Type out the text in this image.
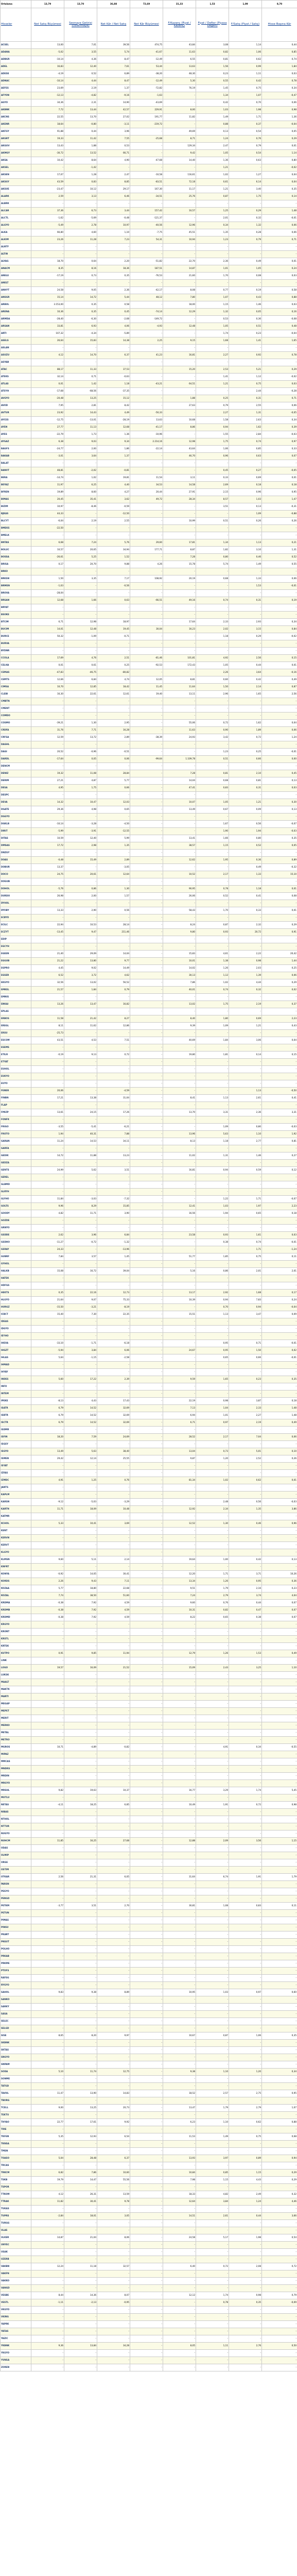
Ortalama	13,79	13,70	36,88	72,69	31,33	1,53	1,09	8,70
Hisseler	Net Satış Büyümesi	Sermaye Getirisi (Özsermaye)	Net Kâr / Net Satış	Net Kâr Büyümesi	F/Kazanç (Fiyat / Kazanç)	Fiyat / Defter (Piyasa Değeri)	F/Satış (Fiyat / Satış)	Hisse Başına Kâr
ACSEL	13,00	7,01	39,56	474,75	43,84	3,08	1,14	0,44
ADANA	-5,02	3,55	5,74	-41,67	11,63	0,82	1,06	0,85
ADBGR	-10,14	4,36	8,47	-12,49	6,55	0,81	0,62	0,74
ADEL	16,83	12,40	7,61	53,44	13,63	1,56	0,99	1,84
ADESE	-4,19	0,52	6,89	-38,20	48,30	0,23	1,11	0,03
ADNAC	-10,14	4,44	8,47	-12,49	5,30	0,55	0,42	0,78
AEFES	23,69	2,19	1,37	-72,82	76,19	1,45	0,75	0,34
AFYON	-12,13	-4,82	-9,16	-1,63	-	1,34	1,07	-0,47
AGYO	34,36	2,31	14,90	-43,69	-	0,42	0,70	0,06
AKBNK	7,72	13,44	42,57	229,91	8,00	1,03	1,98	0,98
AKCNS	22,55	13,70	27,02	191,77	11,82	1,49	1,71	1,36
AKENR	18,64	-0,80	-3,11	-219,72	-	0,88	0,37	-0,04
AKFGY	91,88	0,44	3,96	-	49,69	0,13	0,54	0,05
AKGRT	19,33	11,42	7,55	-25,68	8,71	1,24	0,76	0,29
AKGUV	13,43	1,88	0,53	-	129,34	2,47	0,79	0,01
AKMGY	-30,72	13,52	66,71	-	9,42	1,05	0,54	1,14
AKSA	10,42	8,64	4,90	-47,68	14,40	1,36	0,63	0,80
AKSEL	-	-1,42	-	-	-	1,21	-	-0,02
AKSEN	17,07	1,28	2,47	-10,58	116,61	1,02	1,27	0,04
AKSGY	43,59	0,83	8,85	-83,51	72,18	0,61	6,14	0,04
AKSUE	-23,47	10,12	29,17	167,30	11,17	1,21	3,40	0,35
ALARK	2,59	3,13	6,46	-34,51	25,76	0,87	1,75	0,14
ALBRK	-	-	-	-	-	-	-	-
ALCAR	37,36	6,73	3,44	157,42	10,57	1,25	0,29	1,48
ALCTL	-1,62	-5,69	-0,48	-121,37	-	2,01	0,32	-0,01
ALGYO	-5,49	2,78	10,97	-40,56	12,96	0,34	1,32	0,06
ALKA	66,80	4,60	1,10	-7,75	45,51	1,35	0,28	0,06
ALKIM	23,26	11,28	7,23	54,31	10,94	1,23	0,79	0,71
ALNTF	-	-	-	-	-	-	-	-
ALTIN	-	-	-	-	-	-	-	-
ALYAG	18,70	0,64	2,20	-51,82	22,70	2,36	0,49	0,01
ANACM	8,35	8,16	18,36	187,51	14,87	1,01	1,05	0,24
ANELE	-17,19	0,73	0,35	-76,53	21,60	1,70	0,08	0,03
ANELT	-	-	-	-	-	-	-	-
ANHYT	24,58	9,05	2,36	-42,17	8,08	0,77	0,19	0,58
ANSGR	15,14	14,72	5,44	48,12	7,80	1,07	0,43	0,88
ARBUL	3.153,00	0,35	0,58	-	18,00	1,15	1,46	0,03
ARENA	10,36	0,35	0,45	-74,14	12,29	1,32	0,05	0,16
ARMDA	-28,40	-6,30	-2,68	-149,72	-	0,53	0,36	-0,08
ARSAN	33,81	6,93	4,06	-4,93	12,48	1,05	0,51	0,48
ARTI	107,32	-4,34	-5,89	-	-	1,74	0,23	-0,04
ASELS	26,64	15,83	14,38	2,25	9,15	1,68	1,41	1,65
ASLAN	-	-	-	-	-	-	-	-
ASUZU	4,12	14,70	6,37	41,23	16,81	2,27	0,92	0,78
ASYAB	-	-	-	-	-	-	-	-
ATAC	88,17	11,33	37,53	-	15,20	2,53	5,21	0,29
ATEKS	32,14	0,71	-0,63	-	-	1,41	1,12	-0,02
ATLAS	0,01	1,42	1,18	-43,21	64,51	1,21	0,75	0,03
ATSYH	-17,68	-68,56	-37,35	-	-	-	2,44	-0,28
AVGYO	-20,48	13,25	15,12	-	1,88	0,25	0,31	0,71
AVOD	7,95	2,81	8,42	-	27,63	0,79	2,55	0,06
AVTUR	23,92	14,43	4,49	-50,33	-	2,27	1,31	-0,05
AYCES	-12,75	-13,01	-28,19	13,63	10,68	1,58	2,63	0,34
AYEN	27,77	11,13	12,68	-41,17	8,86	0,94	1,62	0,39
AYES	-22,79	1,73	1,36	-10,96	-	1,55	2,84	-0,03
AYGAZ	6,38	9,03	9,34	2.214,16	12,98	1,75	0,74	0,97
BAGFS	-24,77	2,00	1,86	-22,14	43,64	1,06	0,85	0,33
BAKAB	-3,01	3,64	1,37	-	46,70	0,96	0,63	0,07
BALAT	-	-	-	-	-	-	-	-
BANVT	48,81	-2,02	-0,81	-	-	0,45	0,27	-0,05
BERA	-14,74	1,02	19,81	11,54	3,11	0,33	0,69	0,01
BEYAZ	11,97	6,25	4,40	34,53	14,58	2,69	0,18	0,18
BFREN	19,89	8,60	4,27	20,44	27,91	2,15	0,96	0,95
BIMAS	20,45	35,41	3,62	49,72	28,34	8,57	1,03	1,47
BIZIM	10,97	-8,46	-0,59	-	-	3,51	0,13	-0,31
BJKAS	44,33	-	-12,50	-	-	-	1,09	-0,88
BLCYT	-6,04	2,19	2,55	-	10,99	0,51	0,26	0,26
BMEKS	-22,50	-	-	-	-	-	-	-
BMELK	-	-	-	-	-	-	-	-
BNTAS	6,68	7,24	5,76	29,60	17,81	1,34	1,13	0,21
BOLUC	10,57	20,65	34,94	177,71	8,87	1,82	3,10	1,31
BOSSA	-26,61	5,25	1,52	-	7,28	0,80	0,46	0,52
BRISA	0,17	20,70	9,88	4,26	15,78	5,74	1,49	0,55
BRKO	-	-	-	-	-	-	-	-
BRKSN	1,50	3,35	7,17	108,92	20,19	0,68	1,33	0,06
BRMEN	-1,03	-	-0,56	-	-	-	1,53	-0,01
BROVA	-28,04	-	-	-	-	-	-	-
BRSAN	12,68	1,66	0,63	-66,51	49,16	0,74	0,31	0,19
BRYAT	-	-	-	-	-	-	-	-
BSOKE	-	-	-	-	-	-	-	-
BTCIM	6,71	12,98	18,97	-	17,64	2,33	2,93	0,34
BUCIM	14,01	12,48	19,45	30,04	16,23	2,02	3,15	0,84
BURCE	50,32	-1,09	-0,71	-	-	1,18	0,29	-0,02
BURVA	-	-	-	-	-	-	-	-
BYDNR	-	-	-	-	-	-	-	-
CCOLA	17,69	4,76	2,51	-81,46	101,81	4,92	2,56	0,15
CELHA	0,01	0,61	0,25	-92,53	172,43	1,05	0,44	0,01
CEMAS	-47,83	-46,75	-80,82	-	-	2,26	3,64	-0,16
CEMTS	12,66	6,84	4,74	12,05	8,81	0,60	0,42	0,49
CIMSA	10,70	12,85	18,42	11,45	11,64	1,50	2,14	0,87
CLEBI	16,30	22,61	12,61	19,40	13,11	2,96	1,65	2,56
CMBTN	-	-	-	-	-	-	-	-
CMENT	-	-	-	-	-	-	-	-
COMDO	-	-	-	-	-	-	-	-
COSMO	-39,21	1,30	2,95	-	55,06	0,72	1,62	0,04
CRDFA	31,76	7,71	16,28	-	11,63	0,90	1,89	0,06
CRFSA	12,59	13,72	2,89	-38,39	24,93	3,42	0,72	1,24
DAGHL	-	-	-	-	-	-	-	-
DAGI	20,52	-0,96	-0,51	-	-	1,23	0,25	-0,01
DARDL	-17,64	0,05	0,06	-99,64	1.109,78	0,51	0,66	0,00
DENCM	-	-	-	-	-	-	-	-
DENIZ	19,32	11,08	28,84	-	7,28	0,81	2,10	0,45
DERIM	27,21	4,87	5,77	-	14,04	0,68	0,81	0,13
DESA	4,95	1,75	0,66	-	47,41	0,83	0,31	0,03
DESPC	-	-	-	-	-	-	-	-
DEVA	14,32	10,47	12,03	-	10,07	1,05	1,21	0,30
DGATE	29,36	4,98	0,65	-	13,49	0,67	0,09	0,13
DGGYO	-	-	-	-	-	-	-	-
DGKLB	-10,14	-3,28	-4,50	-	-	1,67	0,56	-0,07
DIRIT	-5,99	-3,91	-12,55	-	-	1,90	1,94	-0,03
DITAS	10,59	12,40	5,99	-	13,41	1,66	0,80	0,35
DMSAS	17,72	2,98	1,35	-	38,57	1,15	0,52	0,05
DNZGY	-	-	-	-	-	-	-	-
DOAS	-0,48	15,49	2,89	-	12,62	1,95	0,36	0,89
DOBUR	13,37	-	-3,05	-	-	-	0,49	-0,32
DOCO	24,75	20,61	12,64	-	10,52	2,17	1,33	15,10
DOGUB	-	-	-	-	-	-	-	-
DOHOL	-5,76	0,86	1,30	-	90,95	0,78	1,18	0,01
DURDO	26,98	2,00	1,57	-	26,06	0,52	0,41	0,08
DYHOL	-	-	-	-	-	-	-	-
DYOBY	13,33	2,90	0,56	-	58,43	1,70	0,33	0,01
ECBYO	-	-	-	-	-	-	-	-
ECILC	22,94	10,53	28,14	-	8,24	0,87	2,32	0,29
ECZYT	-13,45	9,47	211,46	-	9,80	0,93	20,72	0,91
EDIP	-	-	-	-	-	-	-	-
EGCYH	-	-	-	-	-	-	-	-
EGEEN	21,40	29,09	14,04	-	15,83	4,61	2,22	20,42
EGGUB	21,22	13,80	9,77	-	10,01	1,38	0,98	1,44
EGPRO	4,45	9,02	14,49	-	14,02	1,26	2,03	0,25
EGSER	6,52	3,72	4,62	-	30,13	1,12	1,39	0,06
EKGYO	32,56	13,02	56,52	-	7,86	1,02	4,44	0,29
EMKEL	21,57	1,84	0,79	-	40,01	0,74	0,32	0,02
EMNIS	-	-	-	-	-	-	-	-
ENKAI	13,26	13,47	16,82	-	13,02	1,75	2,19	0,37
EPLAS	-	-	-	-	-	-	-	-
ERBOS	11,58	21,42	8,27	-	8,40	1,80	0,69	2,23
EREGL	8,11	11,62	12,86	-	9,39	1,09	1,21	0,43
ERSU	-25,73	-	-	-	-	-	-	-
ESCOM	43,51	4,53	7,51	-	40,69	1,84	3,06	0,04
ESEMS	-	-	-	-	-	-	-	-
ETILR	-0,19	9,13	0,72	-	19,80	1,81	0,14	0,15
ETYAT	-	-	-	-	-	-	-	-
EUHOL	-	-	-	-	-	-	-	-
EUKYO	-	-	-	-	-	-	-	-
EUYO	-	-	-	-	-	-	-	-
FENER	20,06	-	-4,59	-	-	-	1,13	-0,50
FINBN	17,21	13,38	31,04	-	8,41	1,13	2,61	0,41
FLAP	-	-	-	-	-	-	-	-
FMIZP	13,61	24,15	17,26	-	13,70	3,31	2,36	3,31
FONFK	-	-	-	-	-	-	-	-
FRIGO	-3,55	-5,41	-6,21	-	-	1,09	0,80	-0,03
FROTO	1,94	40,31	7,88	-	13,96	5,63	1,10	1,92
GARAN	11,24	14,53	34,11	-	8,13	1,18	2,77	0,81
GARFA	-	-	-	-	-	-	-	-
GEDIK	14,72	11,88	13,23	-	11,02	1,31	1,46	0,27
GEDZA	-	-	-	-	-	-	-	-
GENTS	24,99	5,62	3,51	-	16,81	0,94	0,59	0,12
GEREL	-	-	-	-	-	-	-	-
GLBMD	-	-	-	-	-	-	-	-
GLRYH	-	-	-	-	-	-	-	-
GLYHO	11,84	-3,03	-7,32	-	-	1,22	1,71	-0,07
GOLTS	9,96	8,29	15,85	-	12,41	1,03	1,97	2,23
GOODY	4,82	11,71	3,90	-	16,56	1,94	0,65	0,18
GOZDE	-	-	-	-	-	-	-	-
GRNYO	-	-	-	-	-	-	-	-
GSDDE	2,62	3,96	6,84	-	23,58	0,93	1,61	0,03
GSDHO	-11,27	-0,72	-1,32	-	-	0,38	0,74	-0,01
GSRAY	24,33	-	-13,96	-	-	-	1,71	-1,24
GUBRF	7,84	3,57	1,45	-	51,77	1,85	0,75	0,11
GYHOL	-	-	-	-	-	-	-	-
HALKB	15,08	16,72	39,04	-	5,16	0,86	2,01	2,01
HATEK	-	-	-	-	-	-	-	-
HDFGS	-	-	-	-	-	-	-	-
HEKTS	0,35	22,16	12,73	-	13,17	2,92	1,68	0,17
HLGYO	21,64	9,07	75,33	-	10,39	0,94	7,83	0,24
HURGZ	-15,50	-3,21	-8,19	-	-	0,70	0,94	-0,04
ICBCT	15,40	7,30	22,35	-	15,51	1,13	3,47	0,09
IDEAS	-	-	-	-	-	-	-	-
IDGYO	-	-	-	-	-	-	-	-
IEYHO	-	-	-	-	-	-	-	-
IHEVA	-33,10	-1,71	-6,18	-	-	0,95	0,71	-0,01
IHGZT	-5,94	3,84	6,06	-	24,67	0,95	1,50	0,02
IHLAS	5,64	-1,15	-2,58	-	-	0,65	0,66	-0,01
IHMAD	-	-	-	-	-	-	-	-
IHYAY	-	-	-	-	-	-	-	-
INDES	5,60	17,22	2,39	-	9,59	1,65	0,23	0,35
INFO	-	-	-	-	-	-	-	-
INTEM	-	-	-	-	-	-	-	-
IPEKE	-8,13	4,43	17,43	-	22,19	0,98	3,87	0,18
ISATR	6,79	14,52	32,69	-	7,13	1,04	2,33	1,48
ISBTR	6,79	14,52	32,69	-	6,94	1,01	2,27	1,48
ISCTR	6,79	14,52	32,69	-	6,71	0,97	2,19	0,49
ISDMR	-	-	-	-	-	-	-	-
ISFIN	18,20	7,59	24,69	-	28,52	2,17	7,04	0,06
ISGSY	-	-	-	-	-	-	-	-
ISGYO	13,49	5,63	38,40	-	13,04	0,73	5,01	0,10
ISMEN	29,42	12,14	25,55	-	9,87	1,20	2,52	0,26
ISYAT	-	-	-	-	-	-	-	-
IZFAS	-	-	-	-	-	-	-	-
IZMDC	4,91	1,25	0,76	-	81,34	1,02	0,62	0,01
JANTS	-	-	-	-	-	-	-	-
KAPLM	-	-	-	-	-	-	-	-
KARSN	-9,12	-5,03	-3,29	-	-	2,48	0,56	-0,03
KARTN	11,71	18,09	10,48	-	12,92	2,34	1,35	3,86
KATMR	-	-	-	-	-	-	-	-
KCHOL	5,33	10,41	3,69	-	12,52	1,30	0,46	0,96
KENT	-	-	-	-	-	-	-	-
KERVN	-	-	-	-	-	-	-	-
KERVT	-	-	-	-	-	-	-	-
KLGYO	-	-	-	-	-	-	-	-
KLMSN	9,60	5,11	2,14	-	19,64	1,00	0,42	0,13
KNFRT	-	-	-	-	-	-	-	-
KONYA	-0,92	14,05	30,41	-	12,20	1,71	3,71	10,26
KORDS	2,26	9,43	7,11	-	13,34	1,26	0,95	0,36
KOZAA	5,77	18,80	22,68	-	9,51	1,79	2,16	0,23
KOZAL	7,74	38,50	51,60	-	7,24	2,79	3,74	4,04
KRDMA	-0,38	7,92	4,59	-	9,60	0,76	0,44	0,07
KRDMB	-0,38	7,92	4,59	-	10,31	0,82	0,47	0,07
KRDMD	-0,38	7,92	4,59	-	8,22	0,65	0,38	0,07
KRGYO	-	-	-	-	-	-	-	-
KRONT	-	-	-	-	-	-	-	-
KRSTL	-	-	-	-	-	-	-	-
KRTEK	-	-	-	-	-	-	-	-
KUTPO	0,91	9,85	11,94	-	12,79	1,26	1,53	0,49
LINK	-	-	-	-	-	-	-	-
LOGO	19,57	16,09	21,52	-	15,09	2,43	3,25	1,10
LUKSK	-	-	-	-	-	-	-	-
MAALT	-	-	-	-	-	-	-	-
MAKTK	-	-	-	-	-	-	-	-
MARTI	-	-	-	-	-	-	-	-
MEGAP	-	-	-	-	-	-	-	-
MEPET	-	-	-	-	-	-	-	-
MERIT	-	-	-	-	-	-	-	-
MERKO	-	-	-	-	-	-	-	-
METAL	-	-	-	-	-	-	-	-
METRO	-	-	-	-	-	-	-	-
MGROS	10,71	-4,89	-0,82	-	-	4,91	0,34	-0,55
MIPAZ	-	-	-	-	-	-	-	-
MMCAS	-	-	-	-	-	-	-	-
MNDRS	-	-	-	-	-	-	-	-
MRDIN	-	-	-	-	-	-	-	-
MRGYO	-	-	-	-	-	-	-	-
MRSHL	9,82	19,63	10,37	-	16,77	3,29	1,74	5,45
MUTLU	-	-	-	-	-	-	-	-
NETAS	-4,11	18,25	6,85	-	10,49	1,91	0,72	0,98
NIBAS	-	-	-	-	-	-	-	-
NTHOL	-	-	-	-	-	-	-	-
NTTUR	-	-	-	-	-	-	-	-
NUGYO	-	-	-	-	-	-	-	-
NUHCM	11,85	16,25	27,68	-	12,88	2,09	3,56	1,15
ODAS	-	-	-	-	-	-	-	-
OLMIP	-	-	-	-	-	-	-	-
ORGE	-	-	-	-	-	-	-	-
OSTIM	-	-	-	-	-	-	-	-
OTKAR	2,56	21,31	6,05	-	31,64	6,74	1,91	1,79
PARSN	-	-	-	-	-	-	-	-
PEGYO	-	-	-	-	-	-	-	-
PENGD	-	-	-	-	-	-	-	-
PETKM	-3,77	3,51	2,70	-	30,81	1,08	0,83	0,11
PETUN	-	-	-	-	-	-	-	-
PIMAS	-	-	-	-	-	-	-	-
PINSU	-	-	-	-	-	-	-	-
PKART	-	-	-	-	-	-	-	-
PNSUT	-	-	-	-	-	-	-	-
POLHO	-	-	-	-	-	-	-	-
PRKAB	-	-	-	-	-	-	-	-
PRKME	-	-	-	-	-	-	-	-
PTOFS	-	-	-	-	-	-	-	-
RAYSG	-	-	-	-	-	-	-	-
RYGYO	-	-	-	-	-	-	-	-
SAHOL	9,83	9,38	8,89	-	10,95	1,03	0,97	0,60
SANKO	-	-	-	-	-	-	-	-
SARKY	-	-	-	-	-	-	-	-
SASA	-	-	-	-	-	-	-	-
SELEC	-	-	-	-	-	-	-	-
SELGD	-	-	-	-	-	-	-	-
SISE	8,65	8,20	9,97	-	10,67	0,87	1,06	0,35
SKBNK	-	-	-	-	-	-	-	-
SKTAS	-	-	-	-	-	-	-	-
SNGYO	-	-	-	-	-	-	-	-
SNPAM	-	-	-	-	-	-	-	-
SODA	5,10	11,74	12,75	-	9,38	1,10	1,20	0,34
SONME	-	-	-	-	-	-	-	-
TATGD	-	-	-	-	-	-	-	-
TAVHL	11,47	13,90	14,83	-	18,52	2,57	2,75	0,95
TBORG	-	-	-	-	-	-	-	-
TCELL	9,00	13,25	20,73	-	13,47	1,79	2,79	1,07
TEKTU	-	-	-	-	-	-	-	-
THYAO	22,77	17,61	9,92	-	6,23	1,10	0,62	0,88
TIRE	-	-	-	-	-	-	-	-
TKFEN	5,35	12,93	6,54	-	11,53	1,49	0,75	0,68
TKNSA	-	-	-	-	-	-	-	-
TMSN	-	-	-	-	-	-	-	-
TOASO	5,04	28,48	6,37	-	13,93	3,97	0,89	0,94
TRCAS	-	-	-	-	-	-	-	-
TRKCM	6,82	7,86	10,60	-	10,84	0,85	1,15	0,29
TSKB	19,79	14,47	55,56	-	7,98	1,15	4,43	0,29
TSPOR	-	-	-	-	-	-	-	-
TTKOM	4,12	26,31	13,59	-	18,33	4,82	2,49	0,32
TTRAK	11,82	30,41	9,78	-	12,64	3,84	1,24	4,46
TUKAS	-	-	-	-	-	-	-	-
TUPRS	-2,84	18,01	3,05	-	14,51	2,61	0,44	3,66
TURGG	-	-	-	-	-	-	-	-
ULAS	-	-	-	-	-	-	-	-
ULKER	14,87	21,04	8,06	-	24,58	5,17	1,98	0,54
UNYEC	-	-	-	-	-	-	-	-
USAK	-	-	-	-	-	-	-	-
UZERB	-	-	-	-	-	-	-	-
VAKBN	12,24	11,18	32,57	-	6,40	0,72	2,08	0,72
VAKFN	-	-	-	-	-	-	-	-
VAKKO	-	-	-	-	-	-	-	-
VANGD	-	-	-	-	-	-	-	-
VESBE	8,44	14,36	8,07	-	12,12	1,74	0,98	0,79
VESTL	-1,11	-2,13	-0,95	-	-	0,78	0,35	-0,09
VKGYO	-	-	-	-	-	-	-	-
VKING	-	-	-	-	-	-	-	-
YAPRK	-	-	-	-	-	-	-	-
YATAS	-	-	-	-	-	-	-	-
YAZIC	-	-	-	-	-	-	-	-
YKBNK	9,36	13,84	34,28	-	8,05	1,11	2,76	0,50
YKGYO	-	-	-	-	-	-	-	-
YUNSA	-	-	-	-	-	-	-	-
ZOREN	-	-	-	-	-	-	-	-
